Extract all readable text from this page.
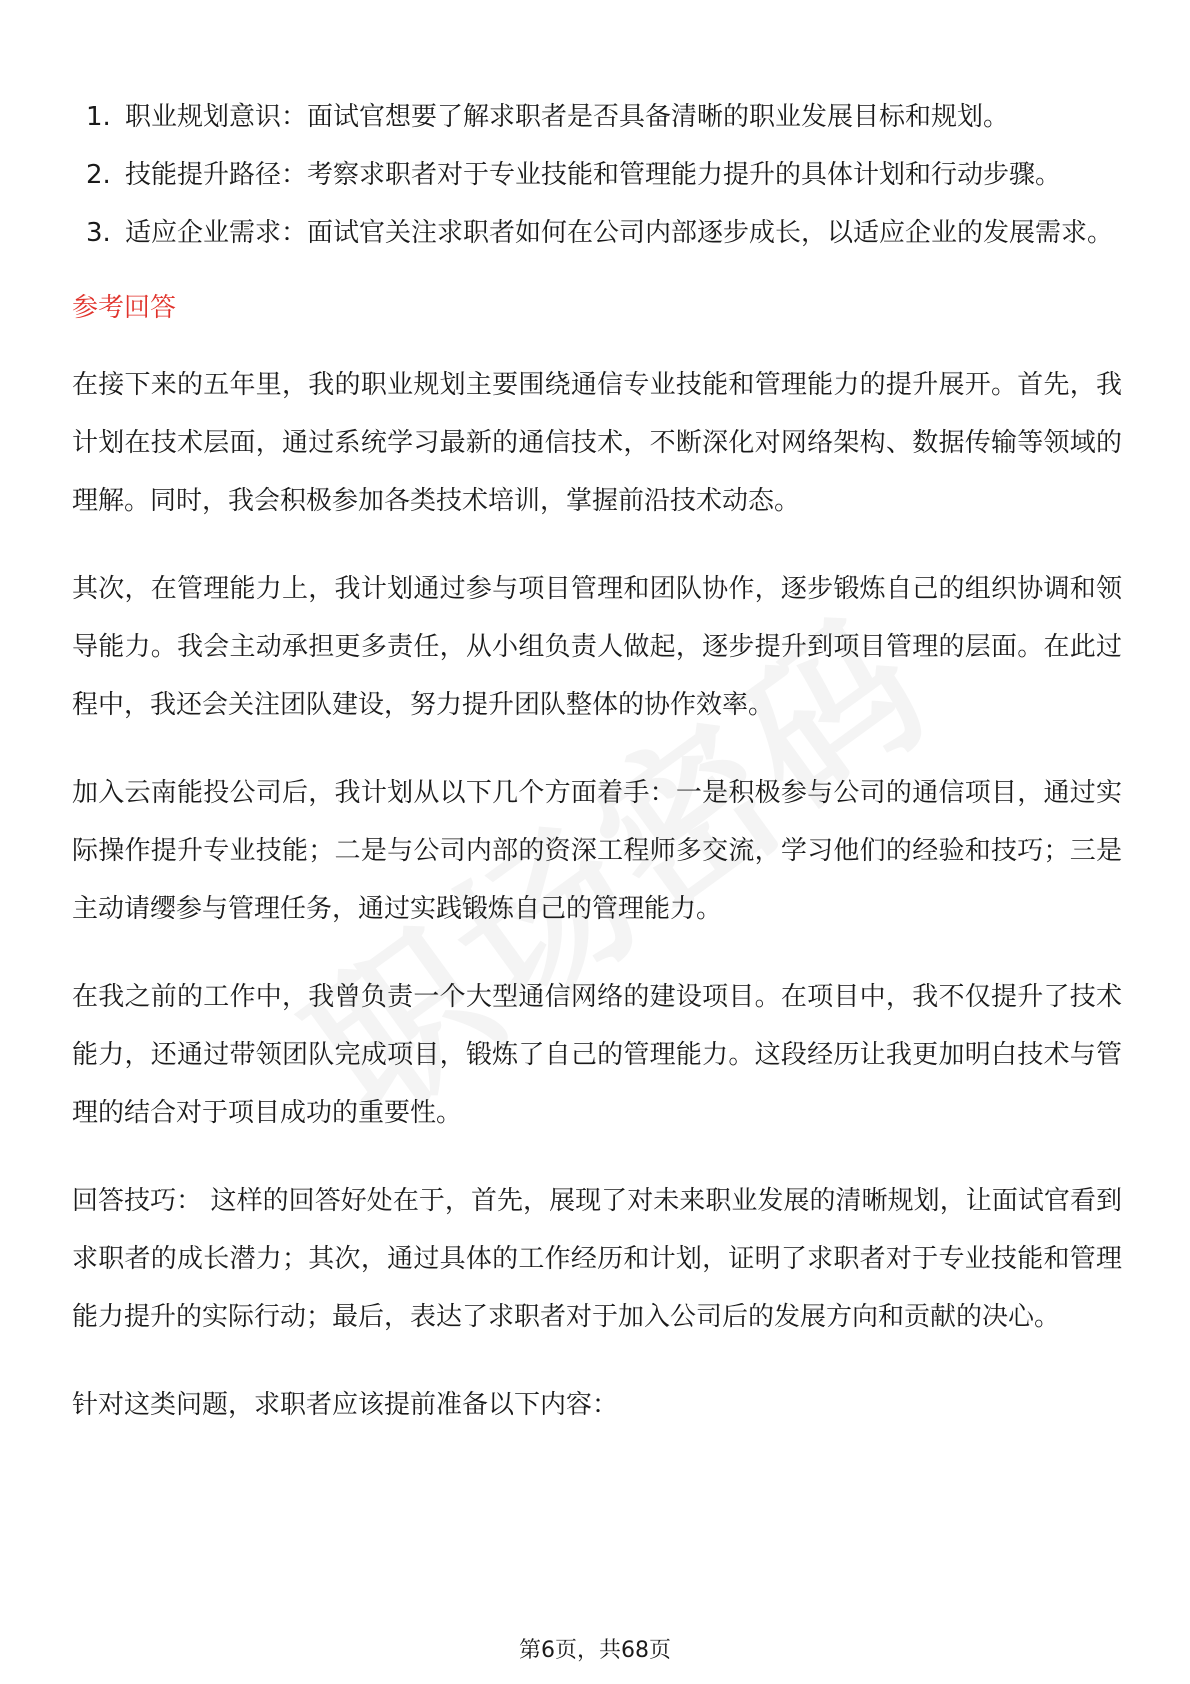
1. 职业规划意识：面试官想要了解求职者是否具备清晰的职业发展目标和规划。
2. 技能提升路径：考察求职者对于专业技能和管理能力提升的具体计划和行动步骤。
3. 适应企业需求：面试官关注求职者如何在公司内部逐步成长，以适应企业的发展需求。
参考回答

在接下来的五年里，我的职业规划主要围绕通信专业技能和管理能力的提升展开。首先，我计划在技术层面，通过系统学习最新的通信技术，不断深化对网络架构、数据传输等领域的理解。同时，我会积极参加各类技术培训，掌握前沿技术动态。

其次，在管理能力上，我计划通过参与项目管理和团队协作，逐步锻炼自己的组织协调和领导能力。我会主动承担更多责任，从小组负责人做起，逐步提升到项目管理的层面。在此过程中，我还会关注团队建设，努力提升团队整体的协作效率。

加入云南能投公司后，我计划从以下几个方面着手：一是积极参与公司的通信项目，通过实际操作提升专业技能；二是与公司内部的资深工程师多交流，学习他们的经验和技巧；三是主动请缨参与管理任务，通过实践锻炼自己的管理能力。

在我之前的工作中，我曾负责一个大型通信网络的建设项目。在项目中，我不仅提升了技术能力，还通过带领团队完成项目，锻炼了自己的管理能力。这段经历让我更加明白技术与管理的结合对于项目成功的重要性。

回答技巧： 这样的回答好处在于，首先，展现了对未来职业发展的清晰规划，让面试官看到求职者的成长潜力；其次，通过具体的工作经历和计划，证明了求职者对于专业技能和管理能力提升的实际行动；最后，表达了求职者对于加入公司后的发展方向和贡献的决心。

针对这类问题，求职者应该提前准备以下内容：

第6页，共68页
